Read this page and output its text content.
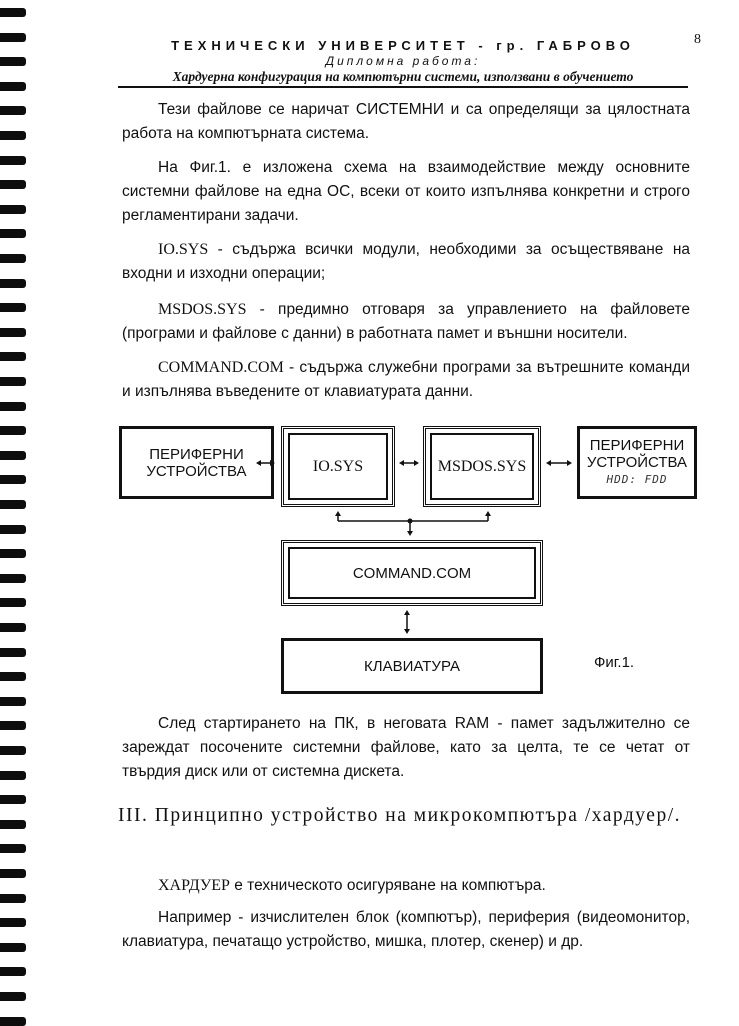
8
ТЕХНИЧЕСКИ УНИВЕРСИТЕТ - гр. ГАБРОВО
Дипломна работа:
Хардуерна конфигурация на компютърни системи, използвани в обучението

Тези файлове се наричат СИСТЕМНИ и са определящи за цялостната работа на компютърната система.

На Фиг.1. е изложена схема на взаимодействие между основните системни файлове на една ОС, всеки от които изпълнява конкретни и строго регламентирани задачи.

IO.SYS - съдържа всички модули, необходими за осъществяване на входни и изходни операции;

MSDOS.SYS - предимно отговаря за управлението на файловете (програми и файлове с данни) в работната памет и външни носители.

COMMAND.COM - съдържа служебни програми за вътрешните команди и изпълнява въведените от клавиатурата данни.

ПЕРИФЕРНИ
УСТРОЙСТВА	IO.SYS	MSDOS.SYS
ПЕРИФЕРНИ
УСТРОЙСТВА
HDD: FDD
COMMAND.COM
КЛАВИАТУРА	Фиг.1.

След стартирането на ПК, в неговата RAM - памет задължително се зареждат посочените системни файлове, като за целта, те се четат от твърдия диск или от системна дискета.

III. Принципно устройство на микрокомпютъра /хардуер/.

ХАРДУЕР е техническото осигуряване на компютъра.

Например - изчислителен блок (компютър), периферия (видеомонитор, клавиатура, печатащо устройство, мишка, плотер, скенер) и др.
